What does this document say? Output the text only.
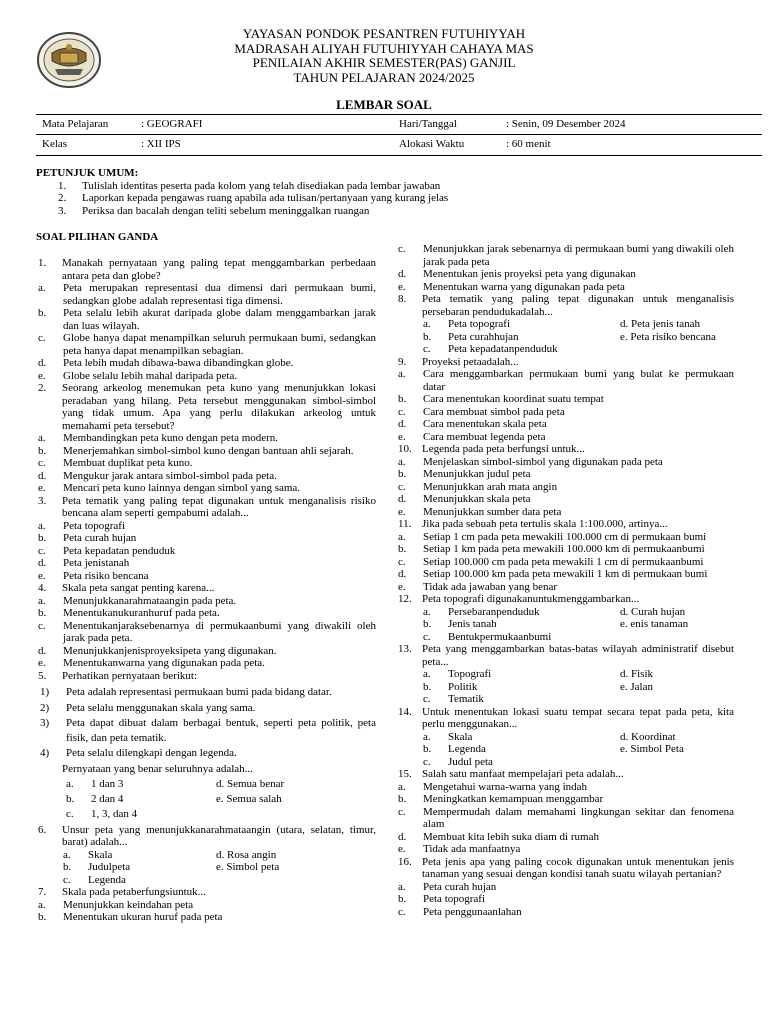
YAYASAN PONDOK PESANTREN FUTUHIYYAH
MADRASAH ALIYAH FUTUHIYYAH CAHAYA MAS
PENILAIAN AKHIR SEMESTER(PAS) GANJIL
TAHUN PELAJARAN 2024/2025
LEMBAR SOAL
Mata Pelajaran	: GEOGRAFI	Hari/Tanggal	: Senin, 09 Desember 2024
Kelas	: XII IPS	Alokasi Waktu	: 60 menit
PETUNJUK UMUM:
1. Tulislah identitas peserta pada kolom yang telah disediakan pada lembar jawaban
2. Laporkan kepada pengawas ruang apabila ada tulisan/pertanyaan yang kurang jelas
3. Periksa dan bacalah dengan teliti sebelum meninggalkan ruangan
SOAL PILIHAN GANDA
1. Manakah pernyataan yang paling tepat menggambarkan perbedaan antara peta dan globe?
a. Peta merupakan representasi dua dimensi dari permukaan bumi, sedangkan globe adalah representasi tiga dimensi.
b. Peta selalu lebih akurat daripada globe dalam menggambarkan jarak dan luas wilayah.
c. Globe hanya dapat menampilkan seluruh permukaan bumi, sedangkan peta hanya dapat menampilkan sebagian.
d. Peta lebih mudah dibawa-bawa dibandingkan globe.
e. Globe selalu lebih mahal daripada peta.
2. Seorang arkeolog menemukan peta kuno yang menunjukkan lokasi peradaban yang hilang. Peta tersebut menggunakan simbol-simbol yang tidak umum. Apa yang perlu dilakukan arkeolog untuk memahami peta tersebut?
a. Membandingkan peta kuno dengan peta modern.
b. Menerjemahkan simbol-simbol kuno dengan bantuan ahli sejarah.
c. Membuat duplikat peta kuno.
d. Mengukur jarak antara simbol-simbol pada peta.
e. Mencari peta kuno lainnya dengan simbol yang sama.
3. Peta tematik yang paling tepat digunakan untuk menganalisis risiko bencana alam seperti gempabumi adalah...
a. Peta topografi
b. Peta curah hujan
c. Peta kepadatan penduduk
d. Peta jenistanah
e. Peta risiko bencana
4. Skala peta sangat penting karena...
a. Menunjukkanarahmataangin pada peta.
b. Menentukanukuranhuruf pada peta.
c. Menentukanjaraksebenarnya di permukaanbumi yang diwakili oleh jarak pada peta.
d. Menunjukkanjenisproyeksipeta yang digunakan.
e. Menentukanwarna yang digunakan pada peta.
5. Perhatikan pernyataan berikut:
1) Peta adalah representasi permukaan bumi pada bidang datar.
2) Peta selalu menggunakan skala yang sama.
3) Peta dapat dibuat dalam berbagai bentuk, seperti peta politik, peta fisik, dan peta tematik.
4) Peta selalu dilengkapi dengan legenda.
Pernyataan yang benar seluruhnya adalah...
a. 1 dan 3	d. Semua benar
b. 2 dan 4	e. Semua salah
c. 1, 3, dan 4
6. Unsur peta yang menunjukkanarahmataangin (utara, selatan, timur, barat) adalah...
a. Skala	d. Rosa angin
b. Judulpeta	e. Simbol peta
c. Legenda
7. Skala pada petaberfungsiuntuk...
a. Menunjukkan keindahan peta
b. Menentukan ukuran huruf pada peta
c. Menunjukkan jarak sebenarnya di permukaan bumi yang diwakili oleh jarak pada peta
d. Menentukan jenis proyeksi peta yang digunakan
e. Menentukan warna yang digunakan pada peta
8. Peta tematik yang paling tepat digunakan untuk menganalisis persebaran pendudukadalah...
a. Peta topografi	d. Peta jenis tanah
b. Peta curahhujan	e. Peta risiko bencana
c. Peta kepadatanpenduduk
9. Proyeksi petaadalah...
a. Cara menggambarkan permukaan bumi yang bulat ke permukaan datar
b. Cara menentukan koordinat suatu tempat
c. Cara membuat simbol pada peta
d. Cara menentukan skala peta
e. Cara membuat legenda peta
10. Legenda pada peta berfungsi untuk...
a. Menjelaskan simbol-simbol yang digunakan pada peta
b. Menunjukkan judul peta
c. Menunjukkan arah mata angin
d. Menunjukkan skala peta
e. Menunjukkan sumber data peta
11. Jika pada sebuah peta tertulis skala 1:100.000, artinya...
a. Setiap 1 cm pada peta mewakili 100.000 cm di permukaan bumi
b. Setiap 1 km pada peta mewakili 100.000 km di permukaanbumi
c. Setiap 100.000 cm pada peta mewakili 1 cm di permukaanbumi
d. Setiap 100.000 km pada peta mewakili 1 km di permukaan bumi
e. Tidak ada jawaban yang benar
12. Peta topografi digunakanuntukmenggambarkan...
a. Persebaranpenduduk	d. Curah hujan
b. Jenis tanah	e. enis tanaman
c. Bentukpermukaanbumi
13. Peta yang menggambarkan batas-batas wilayah administratif disebut peta...
a. Topografi	d. Fisik
b. Politik	e. Jalan
c. Tematik
14. Untuk menentukan lokasi suatu tempat secara tepat pada peta, kita perlu menggunakan...
a. Skala	d. Koordinat
b. Legenda	e. Simbol Peta
c. Judul peta
15. Salah satu manfaat mempelajari peta adalah...
a. Mengetahui warna-warna yang indah
b. Meningkatkan kemampuan menggambar
c. Mempermudah dalam memahami lingkungan sekitar dan fenomena alam
d. Membuat kita lebih suka diam di rumah
e. Tidak ada manfaatnya
16. Peta jenis apa yang paling cocok digunakan untuk menentukan jenis tanaman yang sesuai dengan kondisi tanah suatu wilayah pertanian?
a. Peta curah hujan
b. Peta topografi
c. Peta penggunaanlahan
